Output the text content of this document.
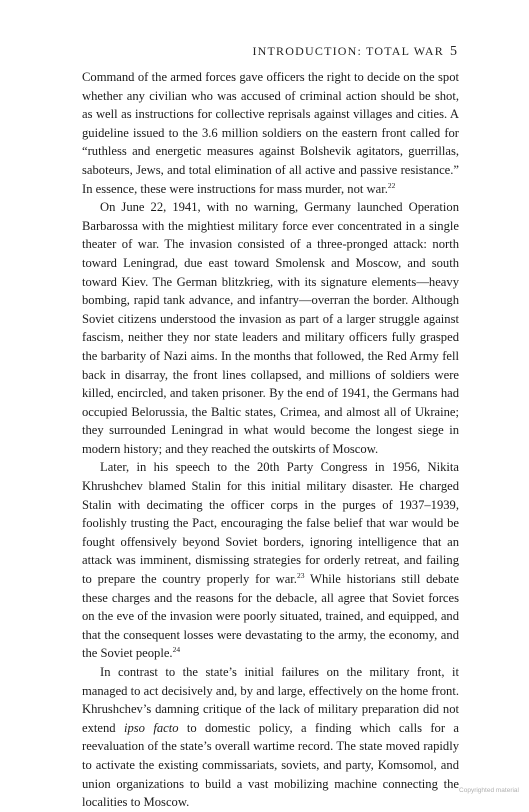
INTRODUCTION: TOTAL WAR 5

Command of the armed forces gave officers the right to decide on the spot whether any civilian who was accused of criminal action should be shot, as well as instructions for collective reprisals against villages and cities. A guideline issued to the 3.6 million soldiers on the eastern front called for “ruthless and energetic measures against Bolshevik agitators, guerrillas, saboteurs, Jews, and total elimination of all active and passive resistance.” In essence, these were instructions for mass murder, not war.$^{22}$

On June 22, 1941, with no warning, Germany launched Operation Barbarossa with the mightiest military force ever concentrated in a single theater of war. The invasion consisted of a three-pronged attack: north toward Leningrad, due east toward Smolensk and Moscow, and south toward Kiev. The German blitzkrieg, with its signature elements—heavy bombing, rapid tank advance, and infantry—overran the border. Although Soviet citizens understood the invasion as part of a larger struggle against fascism, neither they nor state leaders and military officers fully grasped the barbarity of Nazi aims. In the months that followed, the Red Army fell back in disarray, the front lines collapsed, and millions of soldiers were killed, encircled, and taken prisoner. By the end of 1941, the Germans had occupied Belorussia, the Baltic states, Crimea, and almost all of Ukraine; they surrounded Leningrad in what would become the longest siege in modern history; and they reached the outskirts of Moscow.

Later, in his speech to the 20th Party Congress in 1956, Nikita Khrushchev blamed Stalin for this initial military disaster. He charged Stalin with decimating the officer corps in the purges of 1937–1939, foolishly trusting the Pact, encouraging the false belief that war would be fought offensively beyond Soviet borders, ignoring intelligence that an attack was imminent, dismissing strategies for orderly retreat, and failing to prepare the country properly for war.$^{23}$ While historians still debate these charges and the reasons for the debacle, all agree that Soviet forces on the eve of the invasion were poorly situated, trained, and equipped, and that the consequent losses were devastating to the army, the economy, and the Soviet people.$^{24}$

In contrast to the state’s initial failures on the military front, it managed to act decisively and, by and large, effectively on the home front. Khrushchev’s damning critique of the lack of military preparation did not extend ipso facto to domestic policy, a finding which calls for a reevaluation of the state’s overall wartime record. The state moved rapidly to activate the existing commissariats, soviets, and party, Komsomol, and union organizations to build a vast mobilizing machine connecting the localities to Moscow.

Copyrighted material
